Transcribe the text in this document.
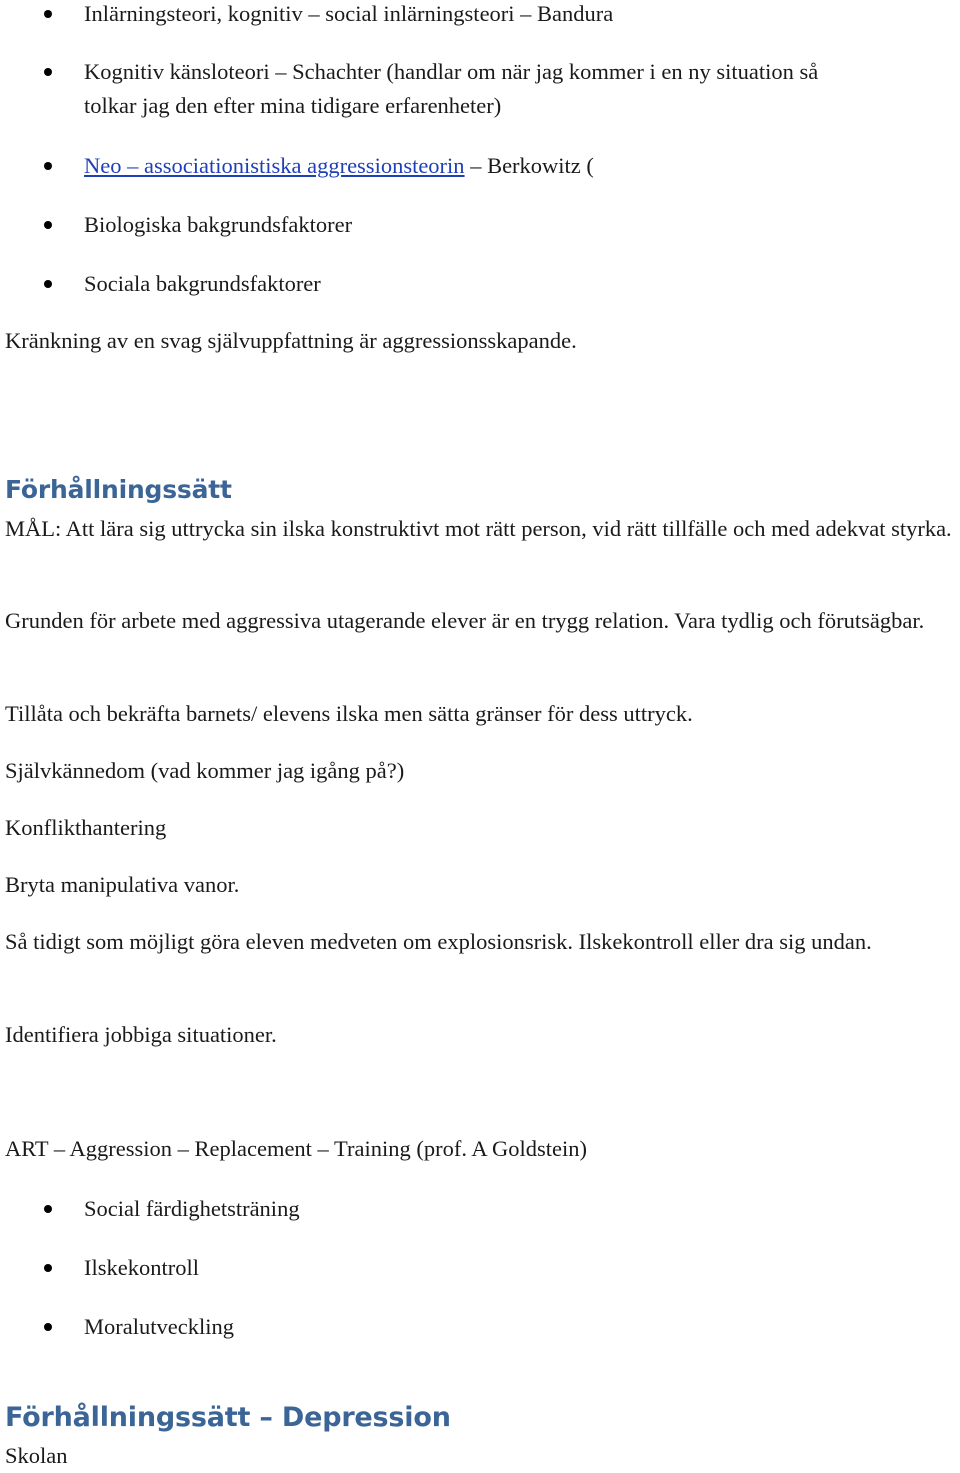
Inlärningsteori, kognitiv – social inlärningsteori – Bandura

Kognitiv känsloteori – Schachter (handlar om när jag kommer i en ny situation så

tolkar jag den efter mina tidigare erfarenheter)

Neo – associationistiska aggressionsteorin – Berkowitz (

Biologiska bakgrundsfaktorer

Sociala bakgrundsfaktorer

Kränkning av en svag självuppfattning är aggressionsskapande.

Förhållningssätt

MÅL: Att lära sig uttrycka sin ilska konstruktivt mot rätt person, vid rätt tillfälle och med adekvat styrka.

Grunden för arbete med aggressiva utagerande elever är en trygg relation. Vara tydlig och förutsägbar.

Tillåta och bekräfta barnets/ elevens ilska men sätta gränser för dess uttryck.

Självkännedom (vad kommer jag igång på?)

Konflikthantering

Bryta manipulativa vanor.

Så tidigt som möjligt göra eleven medveten om explosionsrisk. Ilskekontroll eller dra sig undan.

Identifiera jobbiga situationer.

ART – Aggression – Replacement – Training (prof. A Goldstein)

Social färdighetsträning

Ilskekontroll

Moralutveckling

Förhållningssätt – Depression

Skolan
